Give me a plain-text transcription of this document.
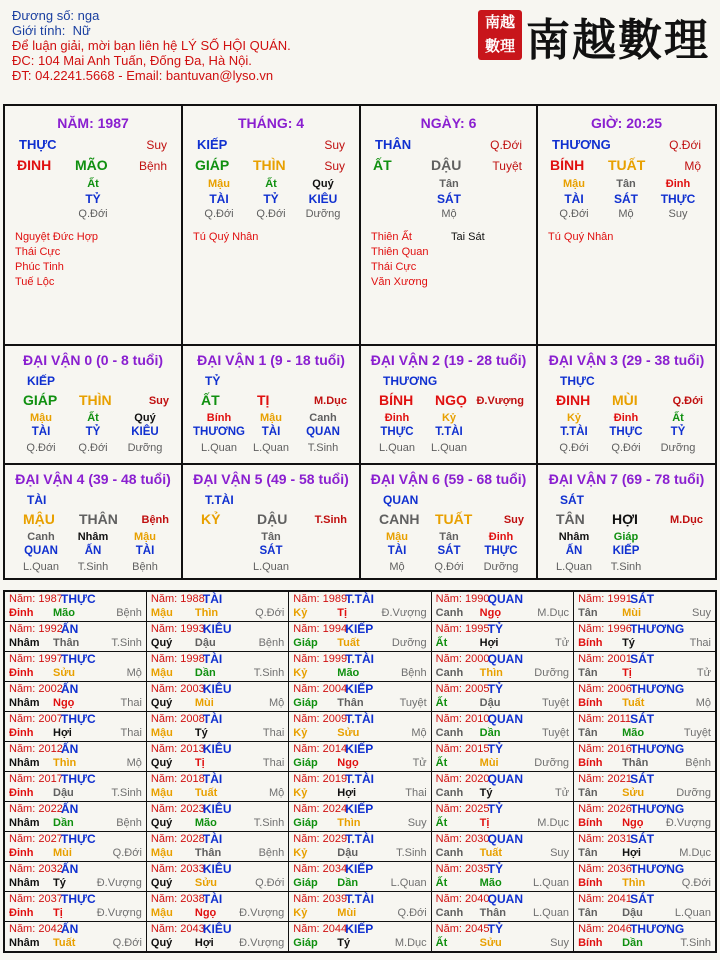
Đương số: nga
Giới tính: Nữ
Để luận giải, mời bạn liên hệ LÝ SỐ HỘI QUÁN.
ĐC: 104 Mai Anh Tuấn, Đống Đa, Hà Nội.
ĐT: 04.2241.5668 - Email: bantuvan@lyso.vn
南越
數理 南越數理
NĂM: 1987
THỰC	Suy
ĐINH MÃO	Bệnh
Ất
TỶ
Q.Đới
Nguyệt Đức Hợp
Thái Cực
Phúc Tinh
Tuế Lộc
THÁNG: 4
KIẾP	Suy
GIÁP THÌN	Suy
Mậu
TÀI
Q.Đới
Ất
TỶ
Q.Đới
Quý
KIÊU
Dưỡng
Tú Quý Nhân
NGÀY: 6
THÂN	Q.Đới
ẤT	DẬU	Tuyệt
Tân
SÁT
Mộ
Thiên Ất
Thiên Quan
Thái Cực
Văn Xương
Tai Sát
GIỜ: 20:25
THƯƠNG	Q.Đới
BÍNH TUẤT	Mộ
Mậu
TÀI
Q.Đới
Tân
SÁT
Mộ
Đinh
THỰC
Suy
Tú Quý Nhân
ĐẠI VẬN 0 (0 - 8 tuổi)
KIẾP
GIÁP THÌN	Suy
Mậu
TÀI
Q.Đới
Ất
TỶ
Q.Đới
Quý
KIÊU
Dưỡng
ĐẠI VẬN 1 (9 - 18 tuổi)
TỶ
ẤT	TỊ	M.Dục
Bính
THƯƠNG
L.Quan
Mậu
TÀI
L.Quan
Canh
QUAN
T.Sinh
ĐẠI VẬN 2 (19 - 28 tuổi)
THƯƠNG
BÍNH NGỌ Đ.Vượng
Đinh
THỰC
L.Quan
Kỷ
T.TÀI
L.Quan
ĐẠI VẬN 3 (29 - 38 tuổi)
THỰC
ĐINH MÙI	Q.Đới
Kỷ
T.TÀI
Q.Đới
Đinh
THỰC
Q.Đới
Ất
TỶ
Dưỡng
ĐẠI VẬN 4 (39 - 48 tuổi)
TÀI
MẬU THÂN Bệnh
Canh
QUAN
L.Quan
Nhâm
ẤN
T.Sinh
Mậu
TÀI
Bệnh
ĐẠI VẬN 5 (49 - 58 tuổi)
T.TÀI
KỶ	DẬU T.Sinh
Tân
SÁT
L.Quan
ĐẠI VẬN 6 (59 - 68 tuổi)
QUAN
CANH TUẤT	Suy
Mậu
TÀI
Mộ
Tân
SÁT
Q.Đới
Đinh
THỰC
Dưỡng
ĐẠI VẬN 7 (69 - 78 tuổi)
SÁT
TÂN HỢI	M.Dục
Nhâm
ẤN
L.Quan
Giáp
KIẾP
T.Sinh
Năm: 1987
THỰC
Đinh Mão Bệnh	Năm: 1988
TÀI
Mậu Thìn Q.Đới	Năm: 1989
T.TÀI
Kỷ Tị Đ.Vượng	Năm: 1990
QUAN
Canh Ngọ M.Dục	Năm: 1991
SÁT
Tân Mùi Suy

Năm: 1992
ẤN
Nhâm Thân T.Sinh	Năm: 1993
KIÊU
Quý Dậu Bệnh	Năm: 1994
KIẾP
Giáp Tuất Dưỡng	Năm: 1995
TỶ
Ất Hợi Tử	Năm: 1996
THƯƠNG
Bính Tý Thai

Năm: 1997
THỰC
Đinh Sửu Mộ	Năm: 1998
TÀI
Mậu Dần T.Sinh	Năm: 1999
T.TÀI
Kỷ Mão Bệnh	Năm: 2000
QUAN
Canh Thìn Dưỡng	Năm: 2001
SÁT
Tân Tị Tử

Năm: 2002
ẤN
Nhâm Ngọ Thai	Năm: 2003
KIÊU
Quý Mùi Mộ	Năm: 2004
KIẾP
Giáp Thân Tuyệt	Năm: 2005
TỶ
Ất Dậu Tuyệt	Năm: 2006
THƯƠNG
Bính Tuất Mộ

Năm: 2007
THỰC
Đinh Hợi Thai	Năm: 2008
TÀI
Mậu Tý Thai	Năm: 2009
T.TÀI
Kỷ Sửu Mộ	Năm: 2010
QUAN
Canh Dần Tuyệt	Năm: 2011 SÁT
Tân Mão Tuyệt

Năm: 2012
ẤN
Nhâm Thìn Mộ	Năm: 2013
KIÊU
Quý Tị Thai	Năm: 2014
KIẾP
Giáp Ngọ Tử	Năm: 2015
TỶ
Ất Mùi Dưỡng	Năm: 2016
THƯƠNG
Bính Thân Bệnh

Năm: 2017
THỰC
Đinh Dậu T.Sinh	Năm: 2018
TÀI
Mậu Tuất Mộ	Năm: 2019
T.TÀI
Kỷ Hợi Thai	Năm: 2020
QUAN
Canh Tý Tử	Năm: 2021
SÁT
Tân Sửu Dưỡng

Năm: 2022
ẤN
Nhâm Dần Bệnh	Năm: 2023
KIÊU
Quý Mão T.Sinh	Năm: 2024
KIẾP
Giáp Thìn Suy	Năm: 2025
TỶ
Ất Tị M.Dục	Năm: 2026
THƯƠNG
Bính Ngọ Đ.Vượng

Năm: 2027
THỰC
Đinh Mùi Q.Đới	Năm: 2028
TÀI
Mậu Thân Bệnh	Năm: 2029
T.TÀI
Kỷ Dậu T.Sinh	Năm: 2030
QUAN
Canh Tuất Suy	Năm: 2031
SÁT
Tân Hợi M.Dục

Năm: 2032
ẤN
Nhâm Tý Đ.Vượng	Năm: 2033
KIÊU
Quý Sửu Q.Đới	Năm: 2034
KIẾP
Giáp Dần L.Quan	Năm: 2035
TỶ
Ất Mão L.Quan	Năm: 2036
THƯƠNG
Bính Thìn Q.Đới

Năm: 2037
THỰC
Đinh Tị Đ.Vượng	Năm: 2038
TÀI
Mậu Ngọ Đ.Vượng	Năm: 2039
T.TÀI
Kỷ Mùi Q.Đới	Năm: 2040
QUAN
Canh Thân L.Quan	Năm: 2041
SÁT
Tân Dậu L.Quan

Năm: 2042
ẤN
Nhâm Tuất Q.Đới	Năm: 2043
KIÊU
Quý Hợi Đ.Vượng	Năm: 2044
KIẾP
Giáp Tý M.Dục	Năm: 2045
TỶ
Ất Sửu Suy	Năm: 2046
THƯƠNG
Bính Dần T.Sinh
